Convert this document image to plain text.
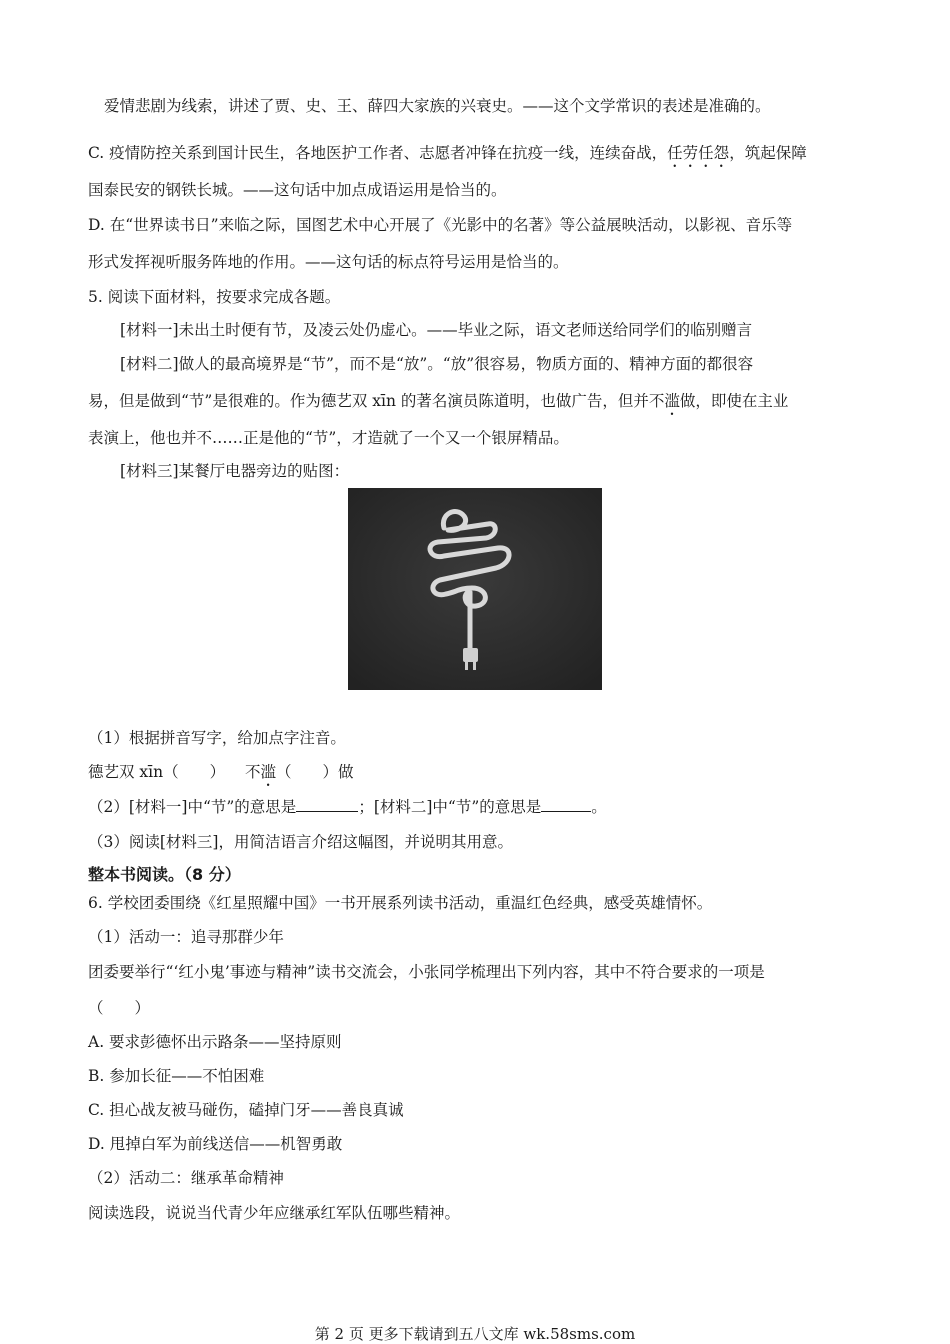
爱情悲剧为线索，讲述了贾、史、王、薛四大家族的兴衰史。——这个文学常识的表述是准确的。
C. 疫情防控关系到国计民生，各地医护工作者、志愿者冲锋在抗疫一线，连续奋战，任劳任怨，筑起保障
国泰民安的钢铁长城。——这句话中加点成语运用是恰当的。
D. 在“世界读书日”来临之际，国图艺术中心开展了《光影中的名著》等公益展映活动，以影视、音乐等
形式发挥视听服务阵地的作用。——这句话的标点符号运用是恰当的。
5. 阅读下面材料，按要求完成各题。
[材料一]未出土时便有节，及凌云处仍虚心。——毕业之际，语文老师送给同学们的临别赠言
[材料二]做人的最高境界是“节”，而不是“放”。“放”很容易，物质方面的、精神方面的都很容
易，但是做到“节”是很难的。作为德艺双 xīn 的著名演员陈道明，也做广告，但并不滥做，即使在主业
表演上，他也并不……正是他的“节”，才造就了一个又一个银屏精品。
[材料三]某餐厅电器旁边的贴图：
（1）根据拼音写字，给加点字注音。
德艺双 xīn（　　） 不滥（　　）做
（2）[材料一]中“节”的意思是	；[材料二]中“节”的意思是	。
（3）阅读[材料三]，用简洁语言介绍这幅图，并说明其用意。
整本书阅读。（8 分）
6. 学校团委围绕《红星照耀中国》一书开展系列读书活动，重温红色经典，感受英雄情怀。
（1）活动一：追寻那群少年
团委要举行“‘红小鬼’事迹与精神”读书交流会，小张同学梳理出下列内容，其中不符合要求的一项是
（　　）
A. 要求彭德怀出示路条——坚持原则
B. 参加长征——不怕困难
C. 担心战友被马碰伤，磕掉门牙——善良真诚
D. 甩掉白军为前线送信——机智勇敢
（2）活动二：继承革命精神
阅读选段，说说当代青少年应继承红军队伍哪些精神。
第 2 页 更多下载请到五八文库 wk.58sms.com
